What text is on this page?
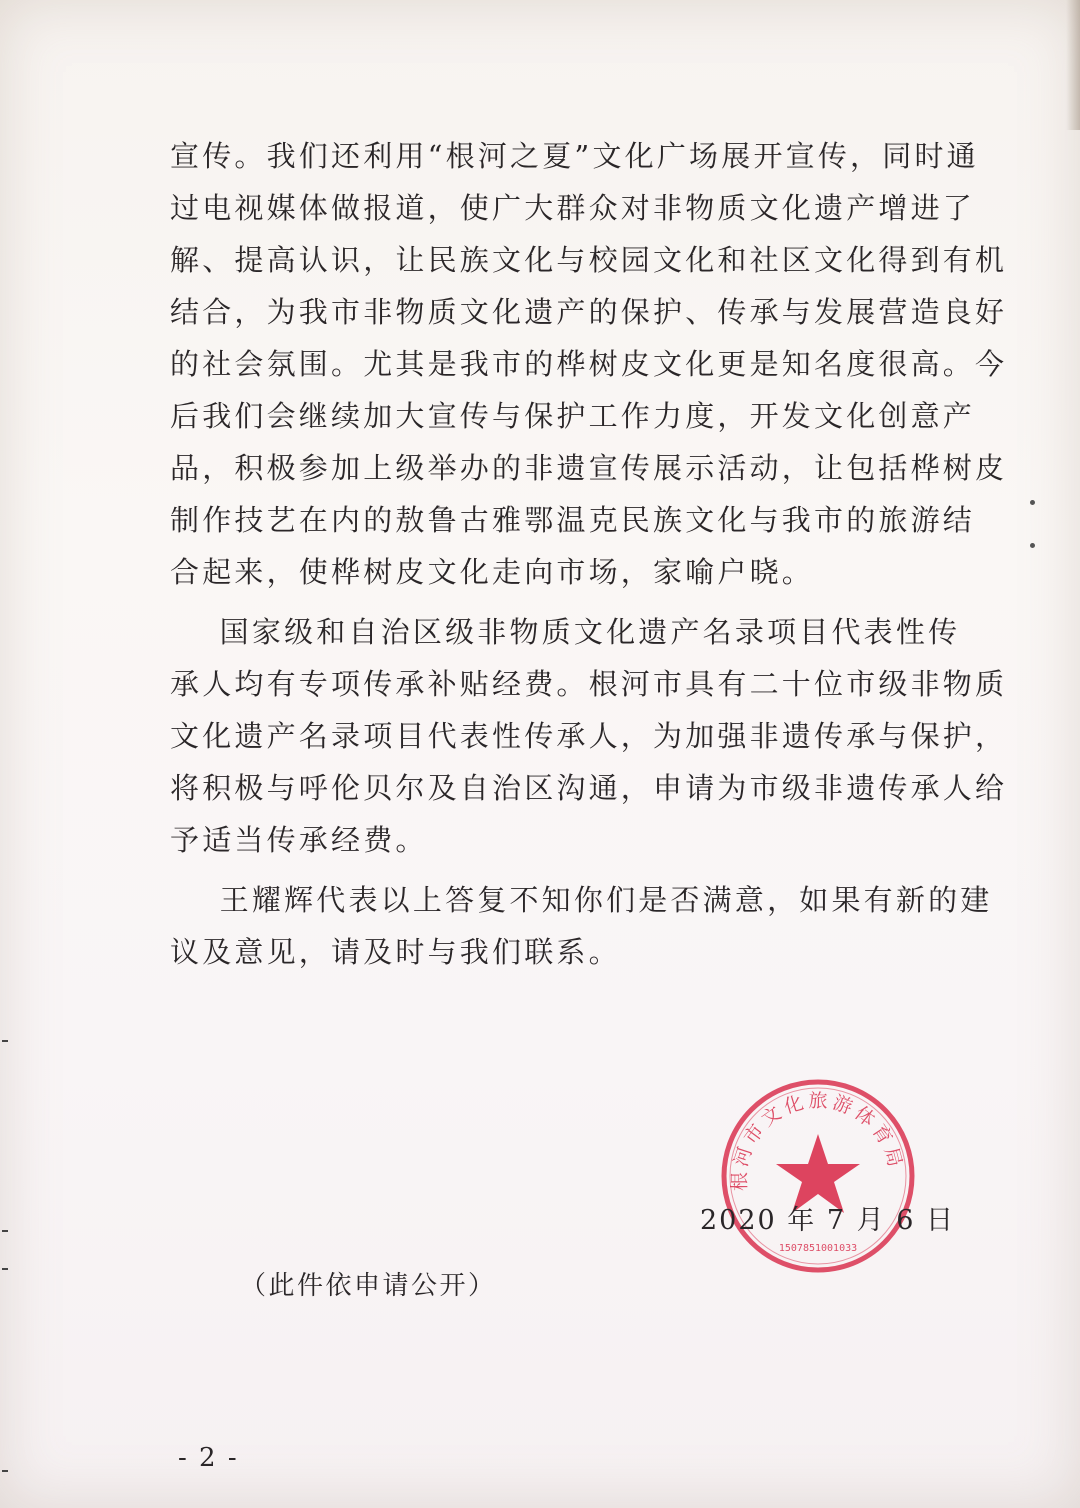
宣传。我们还利用“根河之夏”文化广场展开宣传，同时通
过电视媒体做报道，使广大群众对非物质文化遗产增进了
解、提高认识，让民族文化与校园文化和社区文化得到有机
结合，为我市非物质文化遗产的保护、传承与发展营造良好
的社会氛围。尤其是我市的桦树皮文化更是知名度很高。今
后我们会继续加大宣传与保护工作力度，开发文化创意产
品，积极参加上级举办的非遗宣传展示活动，让包括桦树皮
制作技艺在内的敖鲁古雅鄂温克民族文化与我市的旅游结
合起来，使桦树皮文化走向市场，家喻户晓。
国家级和自治区级非物质文化遗产名录项目代表性传
承人均有专项传承补贴经费。根河市具有二十位市级非物质
文化遗产名录项目代表性传承人，为加强非遗传承与保护，
将积极与呼伦贝尔及自治区沟通，申请为市级非遗传承人给
予适当传承经费。
王耀辉代表以上答复不知你们是否满意，如果有新的建
议及意见，请及时与我们联系。
根河市文化旅游体育局
1507851001033
2020 年 7 月 6 日
（此件依申请公开）
- 2 -
